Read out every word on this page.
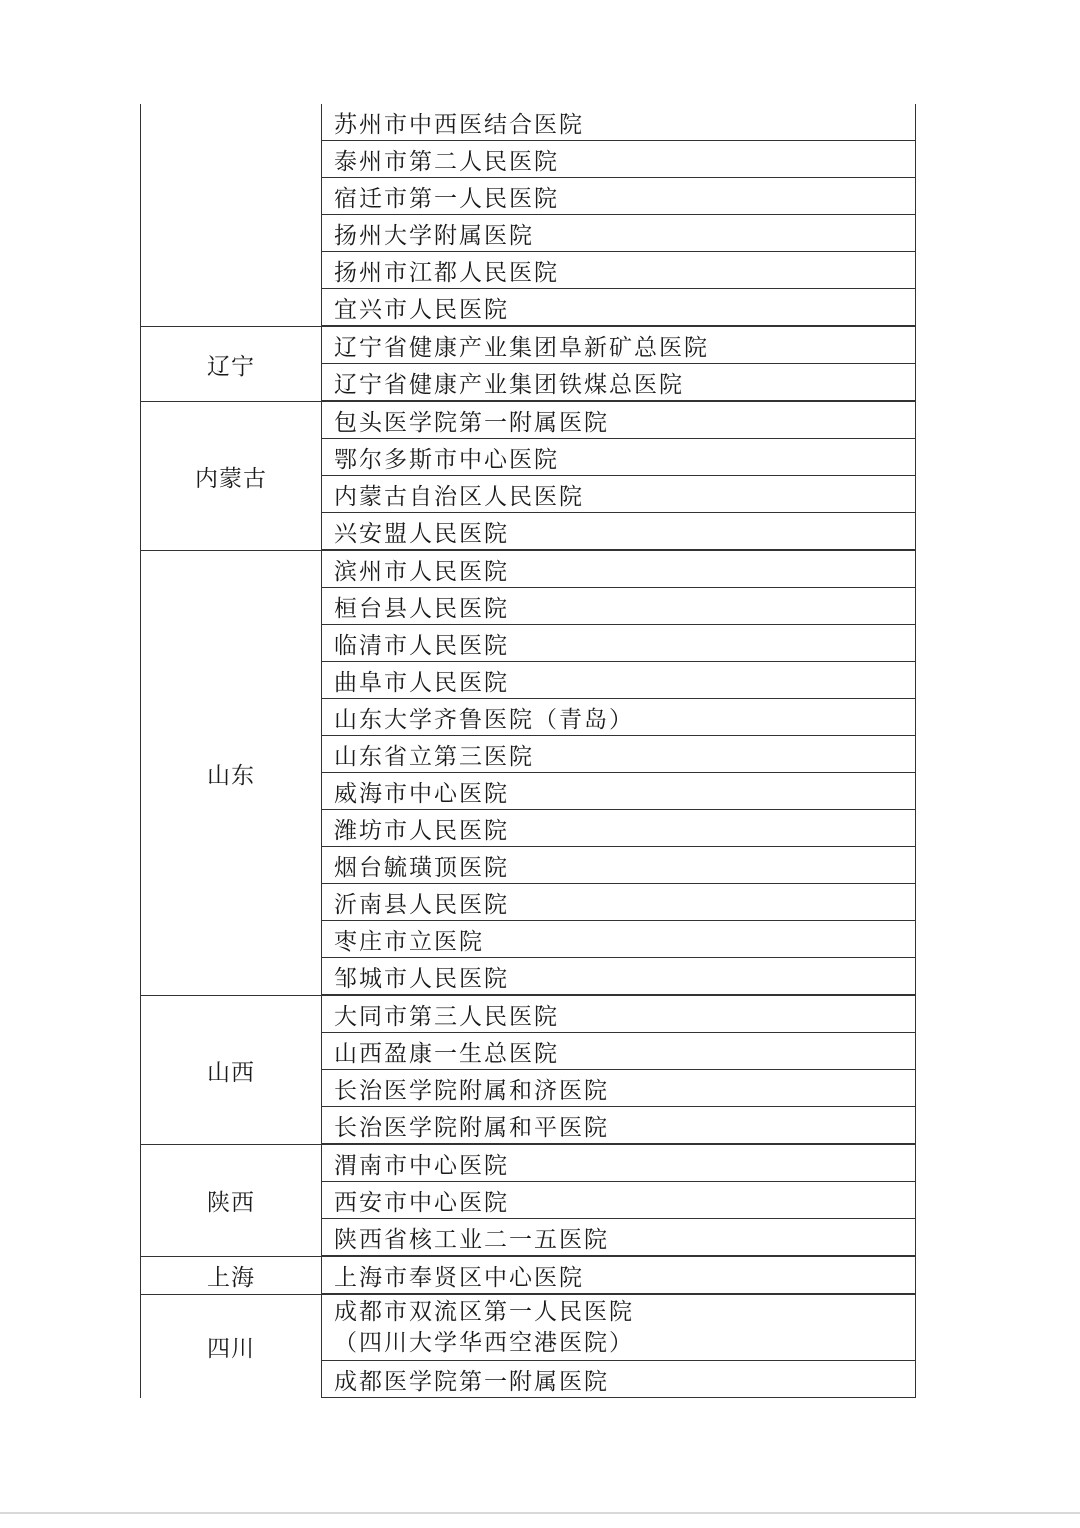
苏州市中西医结合医院
泰州市第二人民医院
宿迁市第一人民医院
扬州大学附属医院
扬州市江都人民医院
宜兴市人民医院
辽宁
辽宁省健康产业集团阜新矿总医院
辽宁省健康产业集团铁煤总医院
内蒙古
包头医学院第一附属医院
鄂尔多斯市中心医院
内蒙古自治区人民医院
兴安盟人民医院
山东
滨州市人民医院
桓台县人民医院
临清市人民医院
曲阜市人民医院
山东大学齐鲁医院（青岛）
山东省立第三医院
威海市中心医院
潍坊市人民医院
烟台毓璜顶医院
沂南县人民医院
枣庄市立医院
邹城市人民医院
山西
大同市第三人民医院
山西盈康一生总医院
长治医学院附属和济医院
长治医学院附属和平医院
陕西
渭南市中心医院
西安市中心医院
陕西省核工业二一五医院
上海	上海市奉贤区中心医院
四川
成都市双流区第一人民医院
（四川大学华西空港医院）
成都医学院第一附属医院
